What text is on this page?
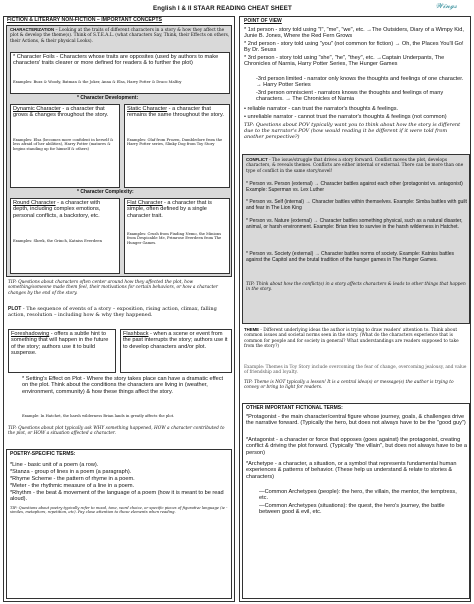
English I & II STAAR READING CHEAT SHEET	𝓦𝓲𝓷𝓰𝓼
FICTION & LITERARY NON-FICTION – IMPORTANT CONCEPTS
CHARACTERIZATION – Looking at the traits of different characters in a story & how they affect the plot & develop the theme(s). Think of S.T.E.A.L. (what characters Say, Think, their Effects on others, their Actions, & their physical Looks).
* Character Foils - Characters whose traits are opposites (used by authors to make characters' traits clearer or more defined for readers & to further the plot)
Examples: Buzz & Woody, Batman & the Joker, Anna & Elsa, Harry Potter & Draco Malfoy
* Character Development:
Dynamic Character - a character that grows & changes throughout the story.
Examples: Elsa (becomes more confident in herself & less afraid of her abilities), Harry Potter (matures & begins standing up for himself & others)
Static Character - a character that remains the same throughout the story.
Examples: Olaf from Frozen, Dumbledore from the Harry Potter series, Slinky Dog from Toy Story
* Character Complexity:
Round Character - a character with depth, including complex emotions, personal conflicts, a backstory, etc.
Examples: Shrek, the Grinch, Katniss Everdeen
Flat Character - a character that is simple, often defined by a single character trait.
Examples: Crush from Finding Nemo, the Minions from Despicable Me, Primrose Everdeen from The Hunger Games.
TIP: Questions about characters often center around how they affected the plot, how something/someone made them feel, their motivations for certain behaviors, or how a character changes by the end of the story.
PLOT - The sequence of events of a story – exposition, rising action, climax, falling action, resolution – including how & why they happened.
Foreshadowing - offers a subtle hint to something that will happen in the future of the story; authors use it to build suspense.
Flashback - when a scene or event from the past interrupts the story; authors use it to develop characters and/or plot.
* Setting's Effect on Plot - Where the story takes place can have a dramatic effect on the plot. Think about the conditions the characters are living in (weather, environment, community) & how these things affect the story.
Example: In Hatchet, the harsh wilderness Brian lands in greatly affects the plot.
TIP: Questions about plot typically ask WHY something happened, HOW a character contributed to the plot, or HOW a situation affected a character.
POETRY-SPECIFIC TERMS:
*Line - basic unit of a poem (a row).
*Stanza - group of lines in a poem (a paragraph).
*Rhyme Scheme - the pattern of rhyme in a poem.
*Meter - the rhythmic measure of a line in a poem.
*Rhythm - the beat & movement of the language of a poem (how it is meant to be read aloud).
TIP: Questions about poetry typically refer to mood, tone, word choice, or specific pieces of figurative language (ie - similes, metaphors, repetition, etc). Pay close attention to these elements when reading.
POINT OF VIEW
* 1st person - story told using "I", "me", "we", etc. →The Outsiders, Diary of a Wimpy Kid, Junie B. Jones, Where the Red Fern Grows
* 2nd person - story told using "you" (not common for fiction) → Oh, the Places You'll Go! By Dr. Seuss
* 3rd person - story told using "she", "he", "they", etc. →Captain Underpants, The Chronicles of Narnia, Harry Potter Series, The Hunger Games
-3rd person limited - narrator only knows the thoughts and feelings of one character. → Harry Potter Series
-3rd person omniscient - narrators knows the thoughts and feelings of many characters. → The Chronicles of Narnia
• reliable narrator - can trust the narrator's thoughts & feelings.
• unreliable narrator - cannot trust the narrator's thoughts & feelings (not common)
TIP: Questions about POV typically want you to think about how the story is different due to the narrator's POV (how would reading it be different if it were told from another perspective?)
CONFLICT - The issue/struggle that drives a story forward. Conflict moves the plot, develops characters, & reveals themes. Conflicts are either internal or external. There can be more than one type of conflict in the same story/novel!
* Person vs. Person (external) → Character battles against each other (protagonist vs. antagonist) Example: Superman vs. Lex Luther
* Person vs. Self (internal) → Character battles within themselves. Example: Simba battles with guilt and fear in The Lion King
* Person vs. Nature (external) → Character battles something physical, such as a natural disaster, animal, or harsh environment. Example: Brian tries to survive in the harsh wilderness in Hatchet.
* Person vs. Society (external) → Character battles norms of society. Example: Katniss battles against the Capitol and the brutal tradition of the hunger games in The Hunger Games.
TIP: Think about how the conflict(s) in a story affects characters & leads to other things that happen in the story.
THEME - Different underlying ideas the author is trying to draw readers' attention to. Think about common issues and societal norms seen in the story. (What do the characters experience that is common for people and for society in general? What understandings are readers supposed to take from the story?)
Example: Themes in Toy Story include overcoming the fear of change, overcoming jealousy, and value of friendship and loyalty.
TIP: Theme is NOT typically a lesson! It is a central idea(s) or message(s) the author is trying to convey or bring to light for readers.
OTHER IMPORTANT FICTIONAL TERMS:
*Protagonist - the main character/central figure whose journey, goals, & challenges drive the narrative forward. (Typically the hero, but does not always have to be the "good guy")
*Antagonist - a character or force that opposes (goes against) the protagonist, creating conflict & driving the plot forward. (Typically "the villain", but does not always have to be a person)
*Archetype - a character, a situation, or a symbol that represents fundamental human experiences & patterns of behavior. (These help us understand & relate to stories & characters)
—Common Archetypes (people): the hero, the villain, the mentor, the temptress, etc.
—Common Archetypes (situations): the quest, the hero's journey, the battle between good & evil, etc.
